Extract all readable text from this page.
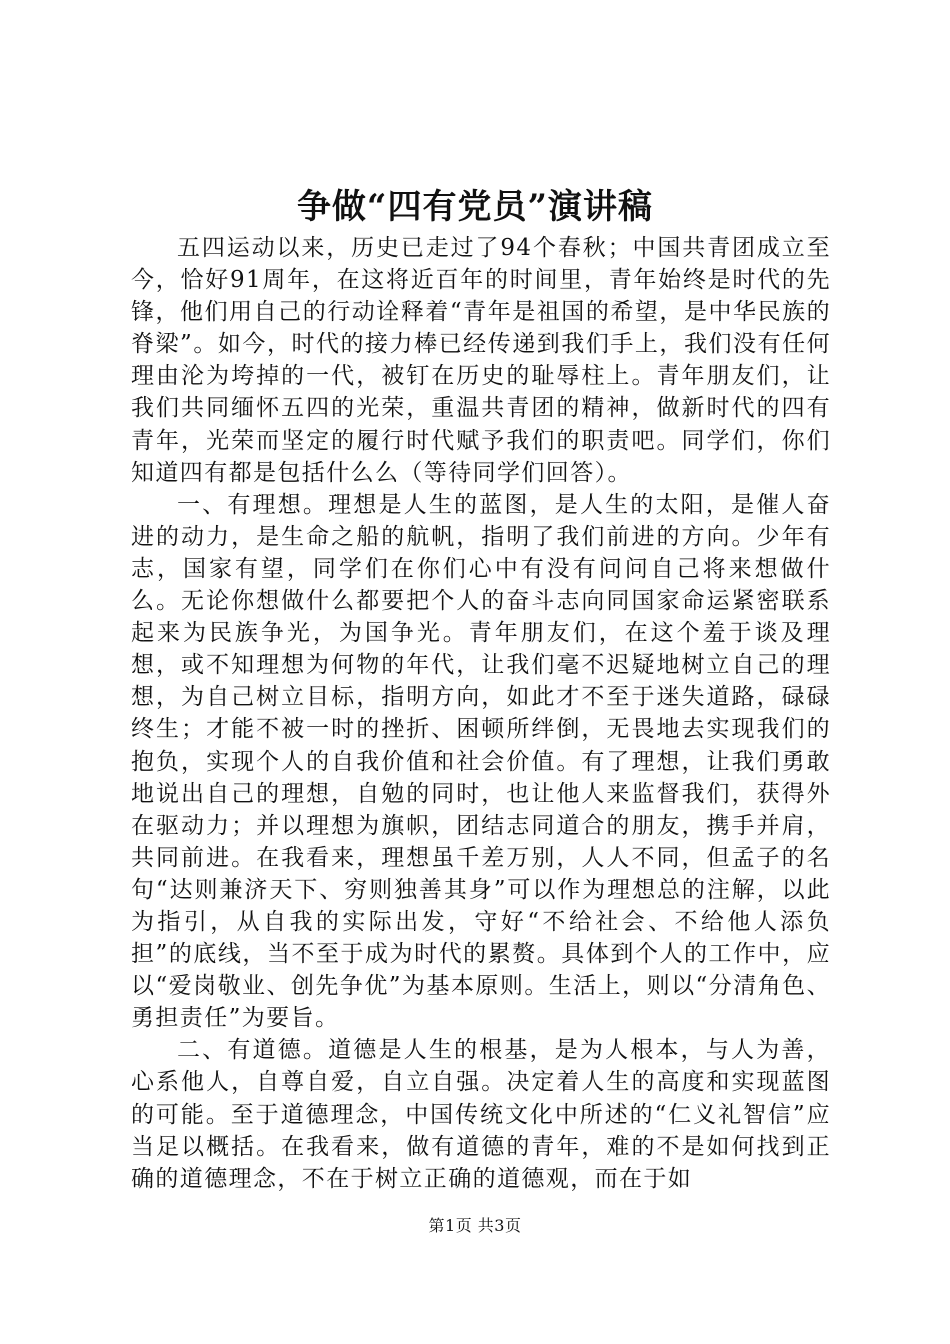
争做“四有党员”演讲稿

五四运动以来，历史已走过了94个春秋；中国共青团成立至今，恰好91周年，在这将近百年的时间里，青年始终是时代的先锋，他们用自己的行动诠释着“青年是祖国的希望，是中华民族的脊梁”。如今，时代的接力棒已经传递到我们手上，我们没有任何理由沦为垮掉的一代，被钉在历史的耻辱柱上。青年朋友们，让我们共同缅怀五四的光荣，重温共青团的精神，做新时代的四有青年，光荣而坚定的履行时代赋予我们的职责吧。同学们，你们知道四有都是包括什么么（等待同学们回答）。

一、有理想。理想是人生的蓝图，是人生的太阳，是催人奋进的动力，是生命之船的航帆，指明了我们前进的方向。少年有志，国家有望，同学们在你们心中有没有问问自己将来想做什么。无论你想做什么都要把个人的奋斗志向同国家命运紧密联系起来为民族争光，为国争光。青年朋友们，在这个羞于谈及理想，或不知理想为何物的年代，让我们毫不迟疑地树立自己的理想，为自己树立目标，指明方向，如此才不至于迷失道路，碌碌终生；才能不被一时的挫折、困顿所绊倒，无畏地去实现我们的抱负，实现个人的自我价值和社会价值。有了理想，让我们勇敢地说出自己的理想，自勉的同时，也让他人来监督我们，获得外在驱动力；并以理想为旗帜，团结志同道合的朋友，携手并肩，共同前进。在我看来，理想虽千差万别，人人不同，但孟子的名句“达则兼济天下、穷则独善其身”可以作为理想总的注解，以此为指引，从自我的实际出发，守好“不给社会、不给他人添负担”的底线，当不至于成为时代的累赘。具体到个人的工作中，应以“爱岗敬业、创先争优”为基本原则。生活上，则以“分清角色、勇担责任”为要旨。

二、有道德。道德是人生的根基，是为人根本，与人为善，心系他人，自尊自爱，自立自强。决定着人生的高度和实现蓝图的可能。至于道德理念，中国传统文化中所述的“仁义礼智信”应当足以概括。在我看来，做有道德的青年，难的不是如何找到正确的道德理念，不在于树立正确的道德观，而在于如

第1页 共3页
